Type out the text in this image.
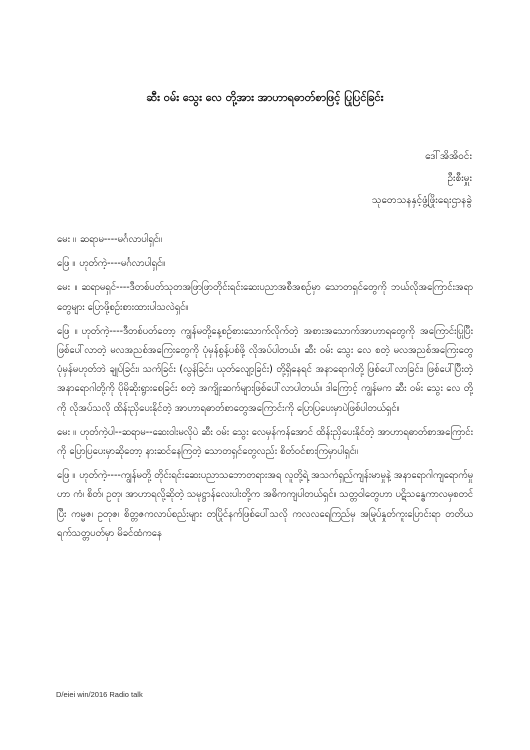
ဆီး ဝမ်း သွေး လေ တို့အား အာဟာရဓာတ်စာဖြင့် ပြုပြင်ခြင်း
ဒေါ်အိအိဝင်း
ဦးစီးမှူး
သုတေသနနှင့်ဖွံ့ဖြိုးရေးဌာနခွဲ

မေး ။ ဆရာမ----မင်္ဂလာပါရှင်။

ဖြေ ။ ဟုတ်ကဲ့----မင်္ဂလာပါရှင်။

မေး ။ ဆရာမရှင်----ဒီတစ်ပတ်သုတအဖြာဖြာတိုင်းရင်းဆေးပညာအစီအစဉ်မှာ သောတရှင်တွေကို ဘယ်လိုအကြောင်းအရာတွေများ ပြောဖို့စဉ်းစားထားပါသလဲရှင်။

ဖြေ ။ ဟုတ်ကဲ့----ဒီတစ်ပတ်တော့ ကျွန်မတို့နေ့စဉ်စားသောက်လိုက်တဲ့ အစားအသောက်အာဟာရတွေကို အကြောင်းပြုပြီး ဖြစ်ပေါ်လာတဲ့ မလအညစ်အကြေးတွေကို ပုံမှန်စွန့်ပစ်ဖို့ လိုအပ်ပါတယ်။ ဆီး ဝမ်း သွေး လေ စတဲ့ မလအညစ်အကြေးတွေ ပုံမှန်မဟုတ်ဘဲ ချုပ်ခြင်း၊ သက်ခြင်း (လွန်ခြင်း၊ ယုတ်လျော့ခြင်း) တို့ရှိနေရင် အနာရောဂါတို့ ဖြစ်ပေါ်လာခြင်း၊ ဖြစ်ပေါ်ပြီးတဲ့ အနာရောဂါတို့ကို ပိုမိုဆိုးရွားစေခြင်း စတဲ့ အကျိုးဆက်များဖြစ်ပေါ်လာပါတယ်။ ဒါကြောင့် ကျွန်မက ဆီး ဝမ်း သွေး လေ တို့ကို လိုအပ်သလို ထိန်းညှိပေးနိုင်တဲ့ အာဟာရဓာတ်စာတွေအကြောင်းကို ပြောပြပေးမှာပဲဖြစ်ပါတယ်ရှင်။

မေး ။ ဟုတ်ကဲ့ပါ--ဆရာမ--ဆေးဝါးမလိုပဲ ဆီး ဝမ်း သွေး လေမှန်ကန်အောင် ထိန်းညှိပေးနိုင်တဲ့ အာဟာရဓာတ်စာအကြောင်းကို ပြောပြပေးမှာဆိုတော့ နားဆင်နေကြတဲ့ သောတရှင်တွေလည်း စိတ်ဝင်စားကြမှာပါရှင်။

ဖြေ ။ ဟုတ်ကဲ့----ကျွန်မတို့ တိုင်းရင်းဆေးပညာသဘောတရားအရ လူတို့ရဲ့ အသက်ရှည်ကျန်းမာမှုနဲ့ အနာရောဂါကျရောက်မှုဟာ ကံ၊ စိတ်၊ ဥတု၊ အာဟာရလို့ဆိုတဲ့ သမုဋ္ဌာန်လေးပါးတို့က အဓိကကျပါတယ်ရှင်။ သတ္တဝါတွေဟာ ပဋိသန္ဓေကာလမှစတင်ပြီး ကမ္မဇ၊ ဥတုဇ၊ စိတ္တဇကလာပ်စည်းများ တပြိုင်နက်ဖြစ်ပေါ်သလို ကလလရေကြည်မှ အမြုပ်နှုတ်ကူးပြောင်းရာ တတိယရက်သတ္တပတ်မှာ မိခင်ထံကနေ

D/eiei win/2016 Radio talk
